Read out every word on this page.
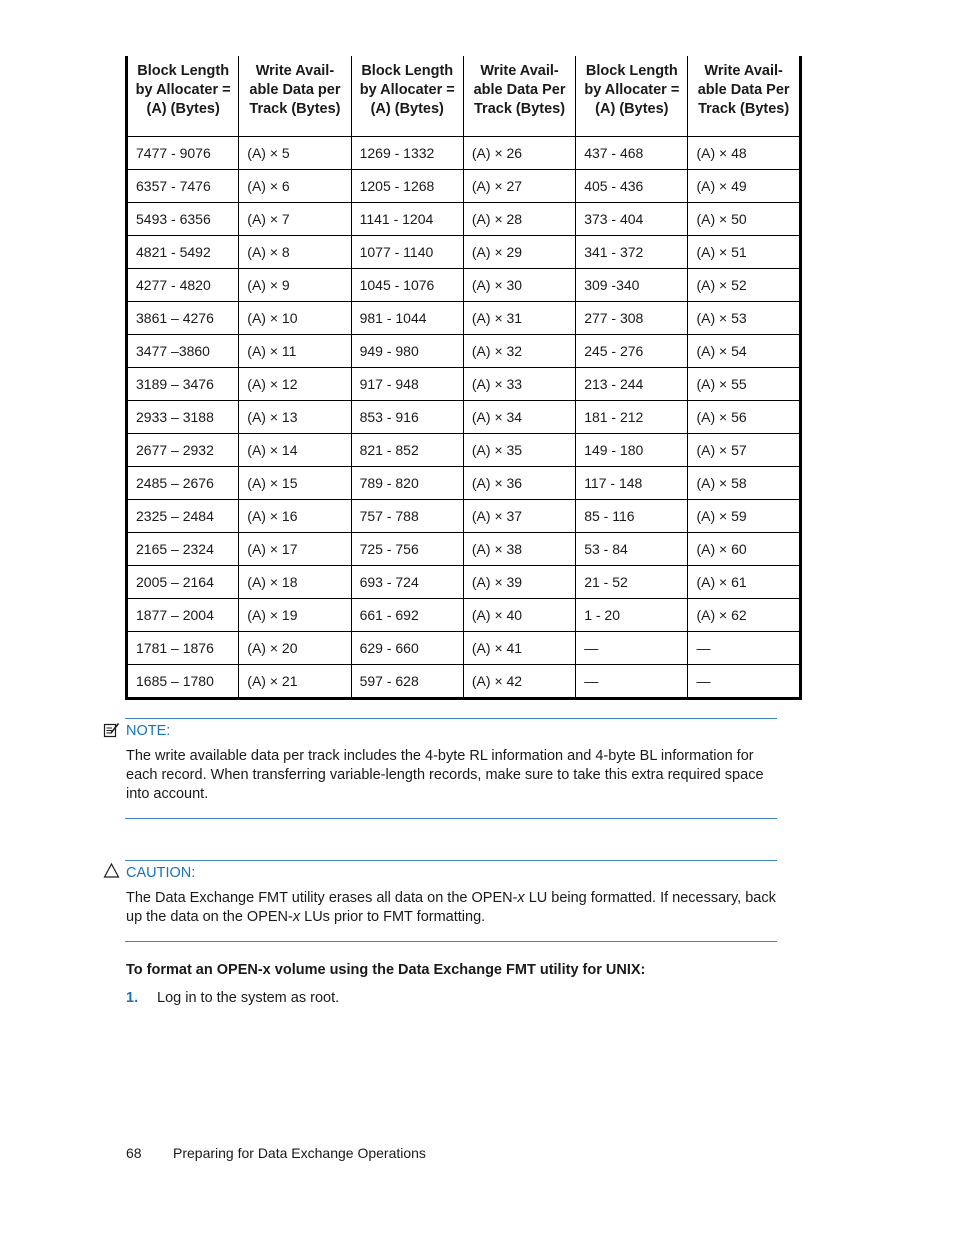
Block Length by Allocater = (A) (Bytes)	Write Avail- able Data per Track (Bytes)	Block Length by Allocater = (A) (Bytes)	Write Avail- able Data Per Track (Bytes)	Block Length by Allocater = (A) (Bytes)	Write Avail- able Data Per Track (Bytes)
7477 - 9076	(A) × 5	1269 - 1332	(A) × 26	437 - 468	(A) × 48
6357 - 7476	(A) × 6	1205 - 1268	(A) × 27	405 - 436	(A) × 49
5493 - 6356	(A) × 7	1141 - 1204	(A) × 28	373 - 404	(A) × 50
4821 - 5492	(A) × 8	1077 - 1140	(A) × 29	341 - 372	(A) × 51
4277 - 4820	(A) × 9	1045 - 1076	(A) × 30	309 -340	(A) × 52
3861 – 4276	(A) × 10	981 - 1044	(A) × 31	277 - 308	(A) × 53
3477 –3860	(A) × 11	949 - 980	(A) × 32	245 - 276	(A) × 54
3189 – 3476	(A) × 12	917 - 948	(A) × 33	213 - 244	(A) × 55
2933 – 3188	(A) × 13	853 - 916	(A) × 34	181 - 212	(A) × 56
2677 – 2932	(A) × 14	821 - 852	(A) × 35	149 - 180	(A) × 57
2485 – 2676	(A) × 15	789 - 820	(A) × 36	117 - 148	(A) × 58
2325 – 2484	(A) × 16	757 - 788	(A) × 37	85 - 116	(A) × 59
2165 – 2324	(A) × 17	725 - 756	(A) × 38	53 - 84	(A) × 60
2005 – 2164	(A) × 18	693 - 724	(A) × 39	21 - 52	(A) × 61
1877 – 2004	(A) × 19	661 - 692	(A) × 40	1 - 20	(A) × 62
1781 – 1876	(A) × 20	629 - 660	(A) × 41	—	—
1685 – 1780	(A) × 21	597 - 628	(A) × 42	—	—
NOTE:
The write available data per track includes the 4-byte RL information and 4-byte BL information for each record. When transferring variable-length records, make sure to take this extra required space into account.
CAUTION:
The Data Exchange FMT utility erases all data on the OPEN-x LU being formatted. If necessary, back up the data on the OPEN-x LUs prior to FMT formatting.
To format an OPEN-x volume using the Data Exchange FMT utility for UNIX:
1. Log in to the system as root.
68 Preparing for Data Exchange Operations
